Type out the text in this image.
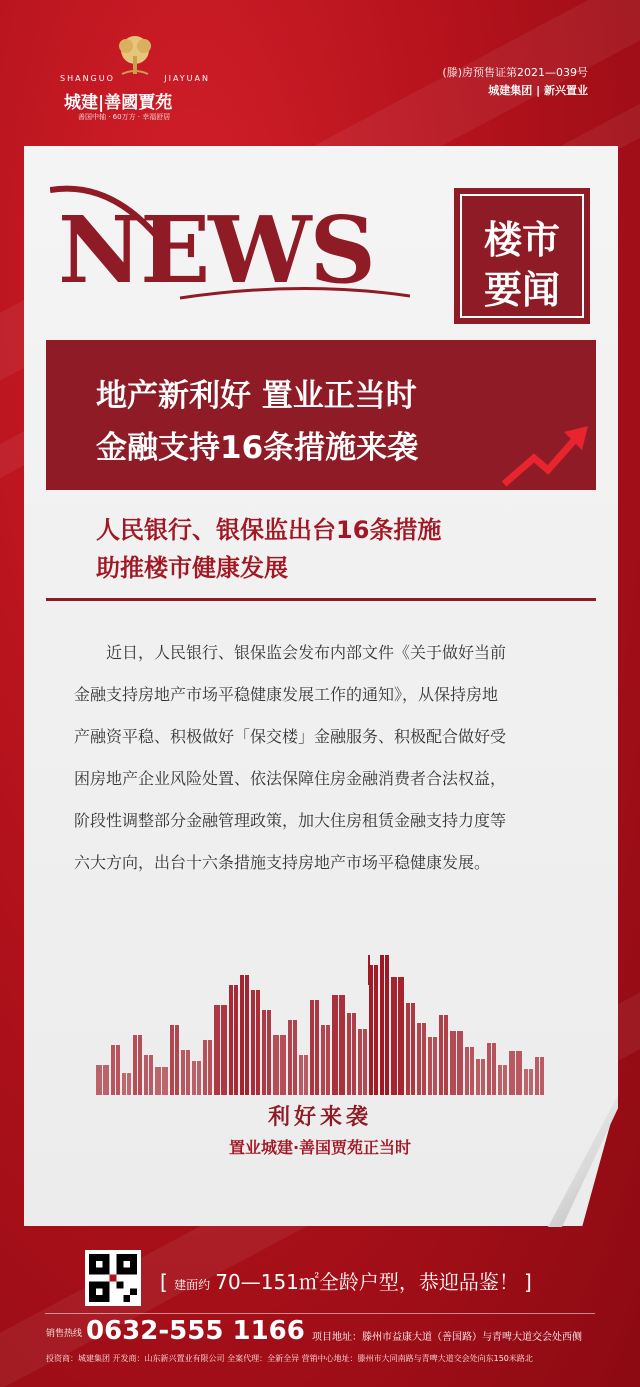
SHANGUO	JIAYUAN
城建|善國賈苑
善国中轴 · 60万方 · 幸福舒居
(滕)房预售证第2021—039号
城建集团 | 新兴置业
NEWS	楼市
要闻
地产新利好 置业正当时
金融支持16条措施来袭
人民银行、银保监出台16条措施
助推楼市健康发展
　　近日，人民银行、银保监会发布内部文件《关于做好当前
金融支持房地产市场平稳健康发展工作的通知》，从保持房地
产融资平稳、积极做好「保交楼」金融服务、积极配合做好受
困房地产企业风险处置、依法保障住房金融消费者合法权益，
阶段性调整部分金融管理政策，加大住房租赁金融支持力度等
六大方向，出台十六条措施支持房地产市场平稳健康发展。
利好来袭
置业城建·善国贾苑正当时
[ 建面约 70—151㎡全龄户型，恭迎品鉴！ ]
销售热线 0632-555 1166 项目地址：滕州市益康大道（善国路）与青啤大道交会处西侧
投资商：城建集团 开发商：山东新兴置业有限公司 全案代理：全新全异 营销中心地址：滕州市大同南路与青啤大道交会处向东150米路北
